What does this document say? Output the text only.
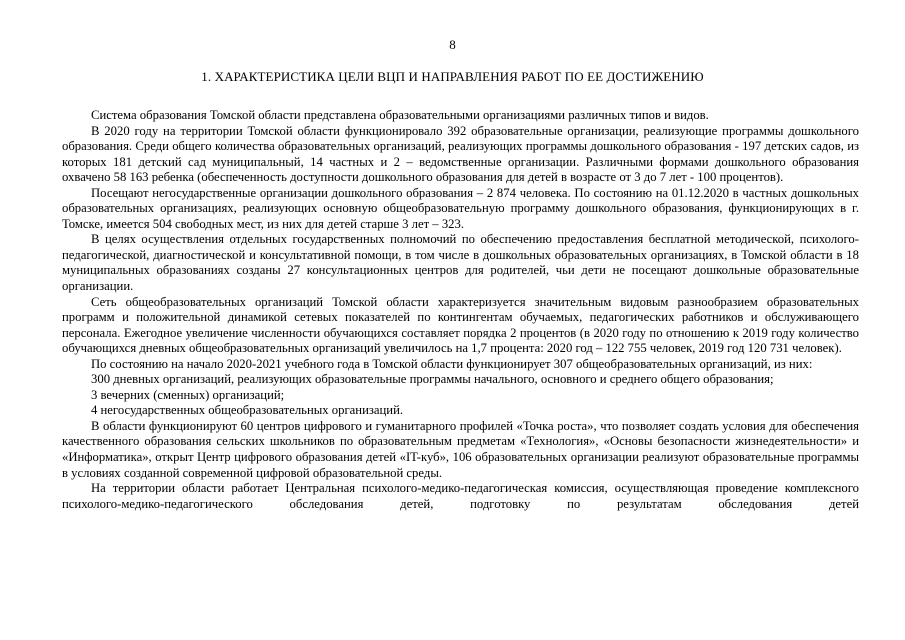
8
1. ХАРАКТЕРИСТИКА ЦЕЛИ ВЦП И НАПРАВЛЕНИЯ РАБОТ ПО ЕЕ ДОСТИЖЕНИЮ

Система образования Томской области представлена образовательными организациями различных типов и видов.

В 2020 году на территории Томской области функционировало 392 образовательные организации, реализующие программы дошкольного образования. Среди общего количества образовательных организаций, реализующих программы дошкольного образования - 197 детских садов, из которых 181 детский сад муниципальный, 14 частных и 2 – ведомственные организации. Различными формами дошкольного образования охвачено 58 163 ребенка (обеспеченность доступности дошкольного образования для детей в возрасте от 3 до 7 лет - 100 процентов).

Посещают негосударственные организации дошкольного образования – 2 874 человека. По состоянию на 01.12.2020 в частных дошкольных образовательных организациях, реализующих основную общеобразовательную программу дошкольного образования, функционирующих в г. Томске, имеется 504 свободных мест, из них для детей старше 3 лет – 323.

В целях осуществления отдельных государственных полномочий по обеспечению предоставления бесплатной методической, психолого-педагогической, диагностической и консультативной помощи, в том числе в дошкольных образовательных организациях, в Томской области в 18 муниципальных образованиях созданы 27 консультационных центров для родителей, чьи дети не посещают дошкольные образовательные организации.

Сеть общеобразовательных организаций Томской области характеризуется значительным видовым разнообразием образовательных программ и положительной динамикой сетевых показателей по контингентам обучаемых, педагогических работников и обслуживающего персонала. Ежегодное увеличение численности обучающихся составляет порядка 2 процентов (в 2020 году по отношению к 2019 году количество обучающихся дневных общеобразовательных организаций увеличилось на 1,7 процента: 2020 год – 122 755 человек, 2019 год 120 731 человек).

По состоянию на начало 2020-2021 учебного года в Томской области функционирует 307 общеобразовательных организаций, из них:

300 дневных организаций, реализующих образовательные программы начального, основного и среднего общего образования;

3 вечерних (сменных) организаций;

4 негосударственных общеобразовательных организаций.

В области функционируют 60 центров цифрового и гуманитарного профилей «Точка роста», что позволяет создать условия для обеспечения качественного образования сельских школьников по образовательным предметам «Технология», «Основы безопасности жизнедеятельности» и «Информатика», открыт Центр цифрового образования детей «IT-куб», 106 образовательных организации реализуют образовательные программы в условиях созданной современной цифровой образовательной среды.

На территории области работает Центральная психолого-медико-педагогическая комиссия, осуществляющая проведение комплексного психолого-медико-педагогического обследования детей, подготовку по результатам обследования детей
